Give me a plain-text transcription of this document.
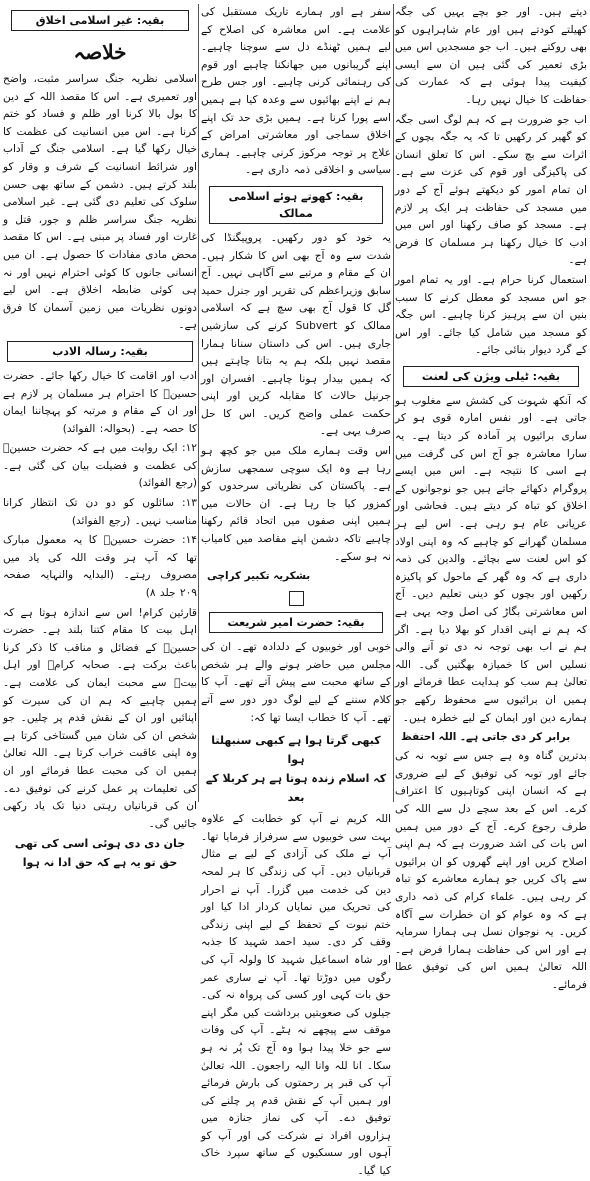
دیتے ہیں۔ اور جو بچے یہیں کی جگہ کھیلتے کودتے ہیں اور عام شاہراہوں کو بھی روکتے ہیں۔ اب جو مسجدیں اس میں بڑی تعمیر کی گئی ہیں ان سے ایسی کیفیت پیدا ہوئی ہے کہ عمارت کی حفاظت کا خیال نہیں رہا۔

اب جو ضرورت ہے کہ ہم لوگ اسی جگہ کو گھیر کر رکھیں تا کہ یہ جگہ بچوں کے اثرات سے بچ سکے۔ اس کا تعلق انسان کی پاکیزگی اور قوم کی عزت سے ہے۔ ان تمام امور کو دیکھتے ہوئے آج کے دور میں مسجد کی حفاظت ہر ایک پر لازم ہے۔ مسجد کو صاف رکھنا اور اس میں ادب کا خیال رکھنا ہر مسلمان کا فرض ہے۔

استعمال کرنا حرام ہے۔ اور یہ تمام امور جو اس مسجد کو معطل کرنے کا سبب بنیں ان سے پرہیز کرنا چاہیے۔ اس جگہ کو مسجد میں شامل کیا جائے۔ اور اس کے گرد دیوار بنائی جائے۔

بقیہ: ٹیلی ویژن کی لعنت

کہ آنکھ شہوت کی کشش سے مغلوب ہو جاتی ہے۔ اور نفس امارہ قوی ہو کر ساری برائیوں پر آمادہ کر دیتا ہے۔ یہ سارا معاشرہ جو آج اس کی گرفت میں ہے اسی کا نتیجہ ہے۔ اس میں ایسے پروگرام دکھائے جاتے ہیں جو نوجوانوں کے اخلاق کو تباہ کر دیتے ہیں۔ فحاشی اور عریانی عام ہو رہی ہے۔ اس لیے ہر مسلمان گھرانے کو چاہیے کہ وہ اپنی اولاد کو اس لعنت سے بچائے۔ والدین کی ذمہ داری ہے کہ وہ گھر کے ماحول کو پاکیزہ رکھیں اور بچوں کو دینی تعلیم دیں۔ آج اس معاشرتی بگاڑ کی اصل وجہ یہی ہے کہ ہم نے اپنی اقدار کو بھلا دیا ہے۔ اگر ہم نے اب بھی توجہ نہ دی تو آنے والی نسلیں اس کا خمیازہ بھگتیں گی۔ اللہ تعالیٰ ہم سب کو ہدایت عطا فرمائے اور ہمیں ان برائیوں سے محفوظ رکھے جو ہمارے دین اور ایمان کے لیے خطرہ ہیں۔

برابر کر دی جاتی ہے۔ اللہ احتفظ

بدترین گناہ وہ ہے جس سے توبہ نہ کی جائے اور توبہ کی توفیق کے لیے ضروری ہے کہ انسان اپنی کوتاہیوں کا اعتراف کرے۔ اس کے بعد سچے دل سے اللہ کی طرف رجوع کرے۔ آج کے دور میں ہمیں اس بات کی اشد ضرورت ہے کہ ہم اپنی اصلاح کریں اور اپنے گھروں کو ان برائیوں سے پاک کریں جو ہمارے معاشرے کو تباہ کر رہی ہیں۔ علماء کرام کی ذمہ داری ہے کہ وہ عوام کو ان خطرات سے آگاہ کریں۔ یہ نوجوان نسل ہی ہمارا سرمایہ ہے اور اس کی حفاظت ہمارا فرض ہے۔ اللہ تعالیٰ ہمیں اس کی توفیق عطا فرمائے۔

سفر ہے اور ہمارے تاریک مستقبل کی علامت ہے۔ اس معاشرہ کی اصلاح کے لیے ہمیں ٹھنڈے دل سے سوچنا چاہیے۔ اپنے گریبانوں میں جھانکنا چاہیے اور قوم کی رہنمائی کرنی چاہیے۔ اور جس طرح ہم نے اپنے بھائیوں سے وعدہ کیا ہے ہمیں اسے پورا کرنا ہے۔ ہمیں بڑی حد تک اپنے اخلاق سماجی اور معاشرتی امراض کے علاج پر توجہ مرکوز کرنی چاہیے۔ ہماری سیاسی و اخلاقی ذمہ داری ہے۔

بقیہ: کھوتے ہوئے اسلامی ممالک

یہ خود کو دور رکھیں۔ پروپیگنڈا کی شدت سے وہ آج بھی اس کا شکار ہیں۔ ان کے مقام و مرتبے سے آگاہی نہیں۔ آج سابق وزیراعظم کی تقریر اور جنرل حمید گل کا قول آج بھی سچ ہے کہ اسلامی ممالک کو Subvert کرنے کی سازشیں جاری ہیں۔ اس کی داستان سنانا ہمارا مقصد نہیں بلکہ ہم یہ بتانا چاہتے ہیں کہ ہمیں بیدار ہونا چاہیے۔ افسران اور جرنیل حالات کا مقابلہ کریں اور اپنی حکمت عملی واضح کریں۔ اس کا حل صرف یہی ہے۔

اس وقت ہمارے ملک میں جو کچھ ہو رہا ہے وہ ایک سوچی سمجھی سازش ہے۔ پاکستان کی نظریاتی سرحدوں کو کمزور کیا جا رہا ہے۔ ان حالات میں ہمیں اپنی صفوں میں اتحاد قائم رکھنا چاہیے تاکہ دشمن اپنے مقاصد میں کامیاب نہ ہو سکے۔

بشکریہ تکبیر کراچی
بقیہ: حضرت امیر شریعت

خوبی اور خوبیوں کے دلدادہ تھے۔ ان کی مجلس میں حاضر ہونے والے ہر شخص کے ساتھ محبت سے پیش آتے تھے۔ آپ کا کلام سننے کے لیے لوگ دور دور سے آتے تھے۔ آپ کا خطاب ایسا تھا کہ:

کبھی گرتا ہوا ہے کبھی سنبھلتا ہوا
کہ اسلام زندہ ہوتا ہے ہر کربلا کے بعد

اللہ کریم نے آپ کو خطابت کے علاوہ بہت سی خوبیوں سے سرفراز فرمایا تھا۔ آپ نے ملک کی آزادی کے لیے بے مثال قربانیاں دیں۔ آپ کی زندگی کا ہر لمحہ دین کی خدمت میں گزرا۔ آپ نے احرار کی تحریک میں نمایاں کردار ادا کیا اور ختم نبوت کے تحفظ کے لیے اپنی زندگی وقف کر دی۔ سید احمد شہید کا جذبہ اور شاہ اسماعیل شہید کا ولولہ آپ کی رگوں میں دوڑتا تھا۔ آپ نے ساری عمر حق بات کہی اور کسی کی پرواہ نہ کی۔ جیلوں کی صعوبتیں برداشت کیں مگر اپنے موقف سے پیچھے نہ ہٹے۔ آپ کی وفات سے جو خلا پیدا ہوا وہ آج تک پُر نہ ہو سکا۔ انا للہ وانا الیہ راجعون۔ اللہ تعالیٰ آپ کی قبر پر رحمتوں کی بارش فرمائے اور ہمیں آپ کے نقش قدم پر چلنے کی توفیق دے۔ آپ کی نماز جنازہ میں ہزاروں افراد نے شرکت کی اور آپ کو آہوں اور سسکیوں کے ساتھ سپرد خاک کیا گیا۔

بقیہ: غیر اسلامی اخلاق
خلاصہ

اسلامی نظریہ جنگ سراسر مثبت، واضح اور تعمیری ہے۔ اس کا مقصد اللہ کے دین کا بول بالا کرنا اور ظلم و فساد کو ختم کرنا ہے۔ اس میں انسانیت کی عظمت کا خیال رکھا گیا ہے۔ اسلامی جنگ کے آداب اور شرائط انسانیت کے شرف و وقار کو بلند کرتے ہیں۔ دشمن کے ساتھ بھی حسن سلوک کی تعلیم دی گئی ہے۔ غیر اسلامی نظریہ جنگ سراسر ظلم و جور، قتل و غارت اور فساد پر مبنی ہے۔ اس کا مقصد محض مادی مفادات کا حصول ہے۔ ان میں انسانی جانوں کا کوئی احترام نہیں اور نہ ہی کوئی ضابطہ اخلاق ہے۔ اس لیے دونوں نظریات میں زمین آسمان کا فرق ہے۔

بقیہ: رسالہ الادب

ادب اور اقامت کا خیال رکھا جائے۔ حضرت حسینؓ کا احترام ہر مسلمان پر لازم ہے اور ان کے مقام و مرتبہ کو پہچاننا ایمان کا حصہ ہے۔ (بحوالہ: الفوائد)

۱۲: ایک روایت میں ہے کہ حضرت حسینؓ کی عظمت و فضیلت بیان کی گئی ہے۔ (رجع الفوائد)

۱۳: سائلوں کو دو دن تک انتظار کرانا مناسب نہیں۔ (رجع الفوائد)

۱۴: حضرت حسینؓ کا یہ معمول مبارک تھا کہ آپ ہر وقت اللہ کی یاد میں مصروف رہتے۔ (البدایہ والنہایہ صفحہ ۲۰۹ جلد ۸)

قارئین کرام! اس سے اندازہ ہوتا ہے کہ اہل بیت کا مقام کتنا بلند ہے۔ حضرت حسینؓ کے فضائل و مناقب کا ذکر کرنا باعث برکت ہے۔ صحابہ کرامؓ اور اہل بیتؓ سے محبت ایمان کی علامت ہے۔ ہمیں چاہیے کہ ہم ان کی سیرت کو اپنائیں اور ان کے نقش قدم پر چلیں۔ جو شخص ان کی شان میں گستاخی کرتا ہے وہ اپنی عاقبت خراب کرتا ہے۔ اللہ تعالیٰ ہمیں ان کی محبت عطا فرمائے اور ان کی تعلیمات پر عمل کرنے کی توفیق دے۔ ان کی قربانیاں رہتی دنیا تک یاد رکھی جائیں گی۔

جان دی دی ہوئی اسی کی تھی
حق تو یہ ہے کہ حق ادا نہ ہوا
